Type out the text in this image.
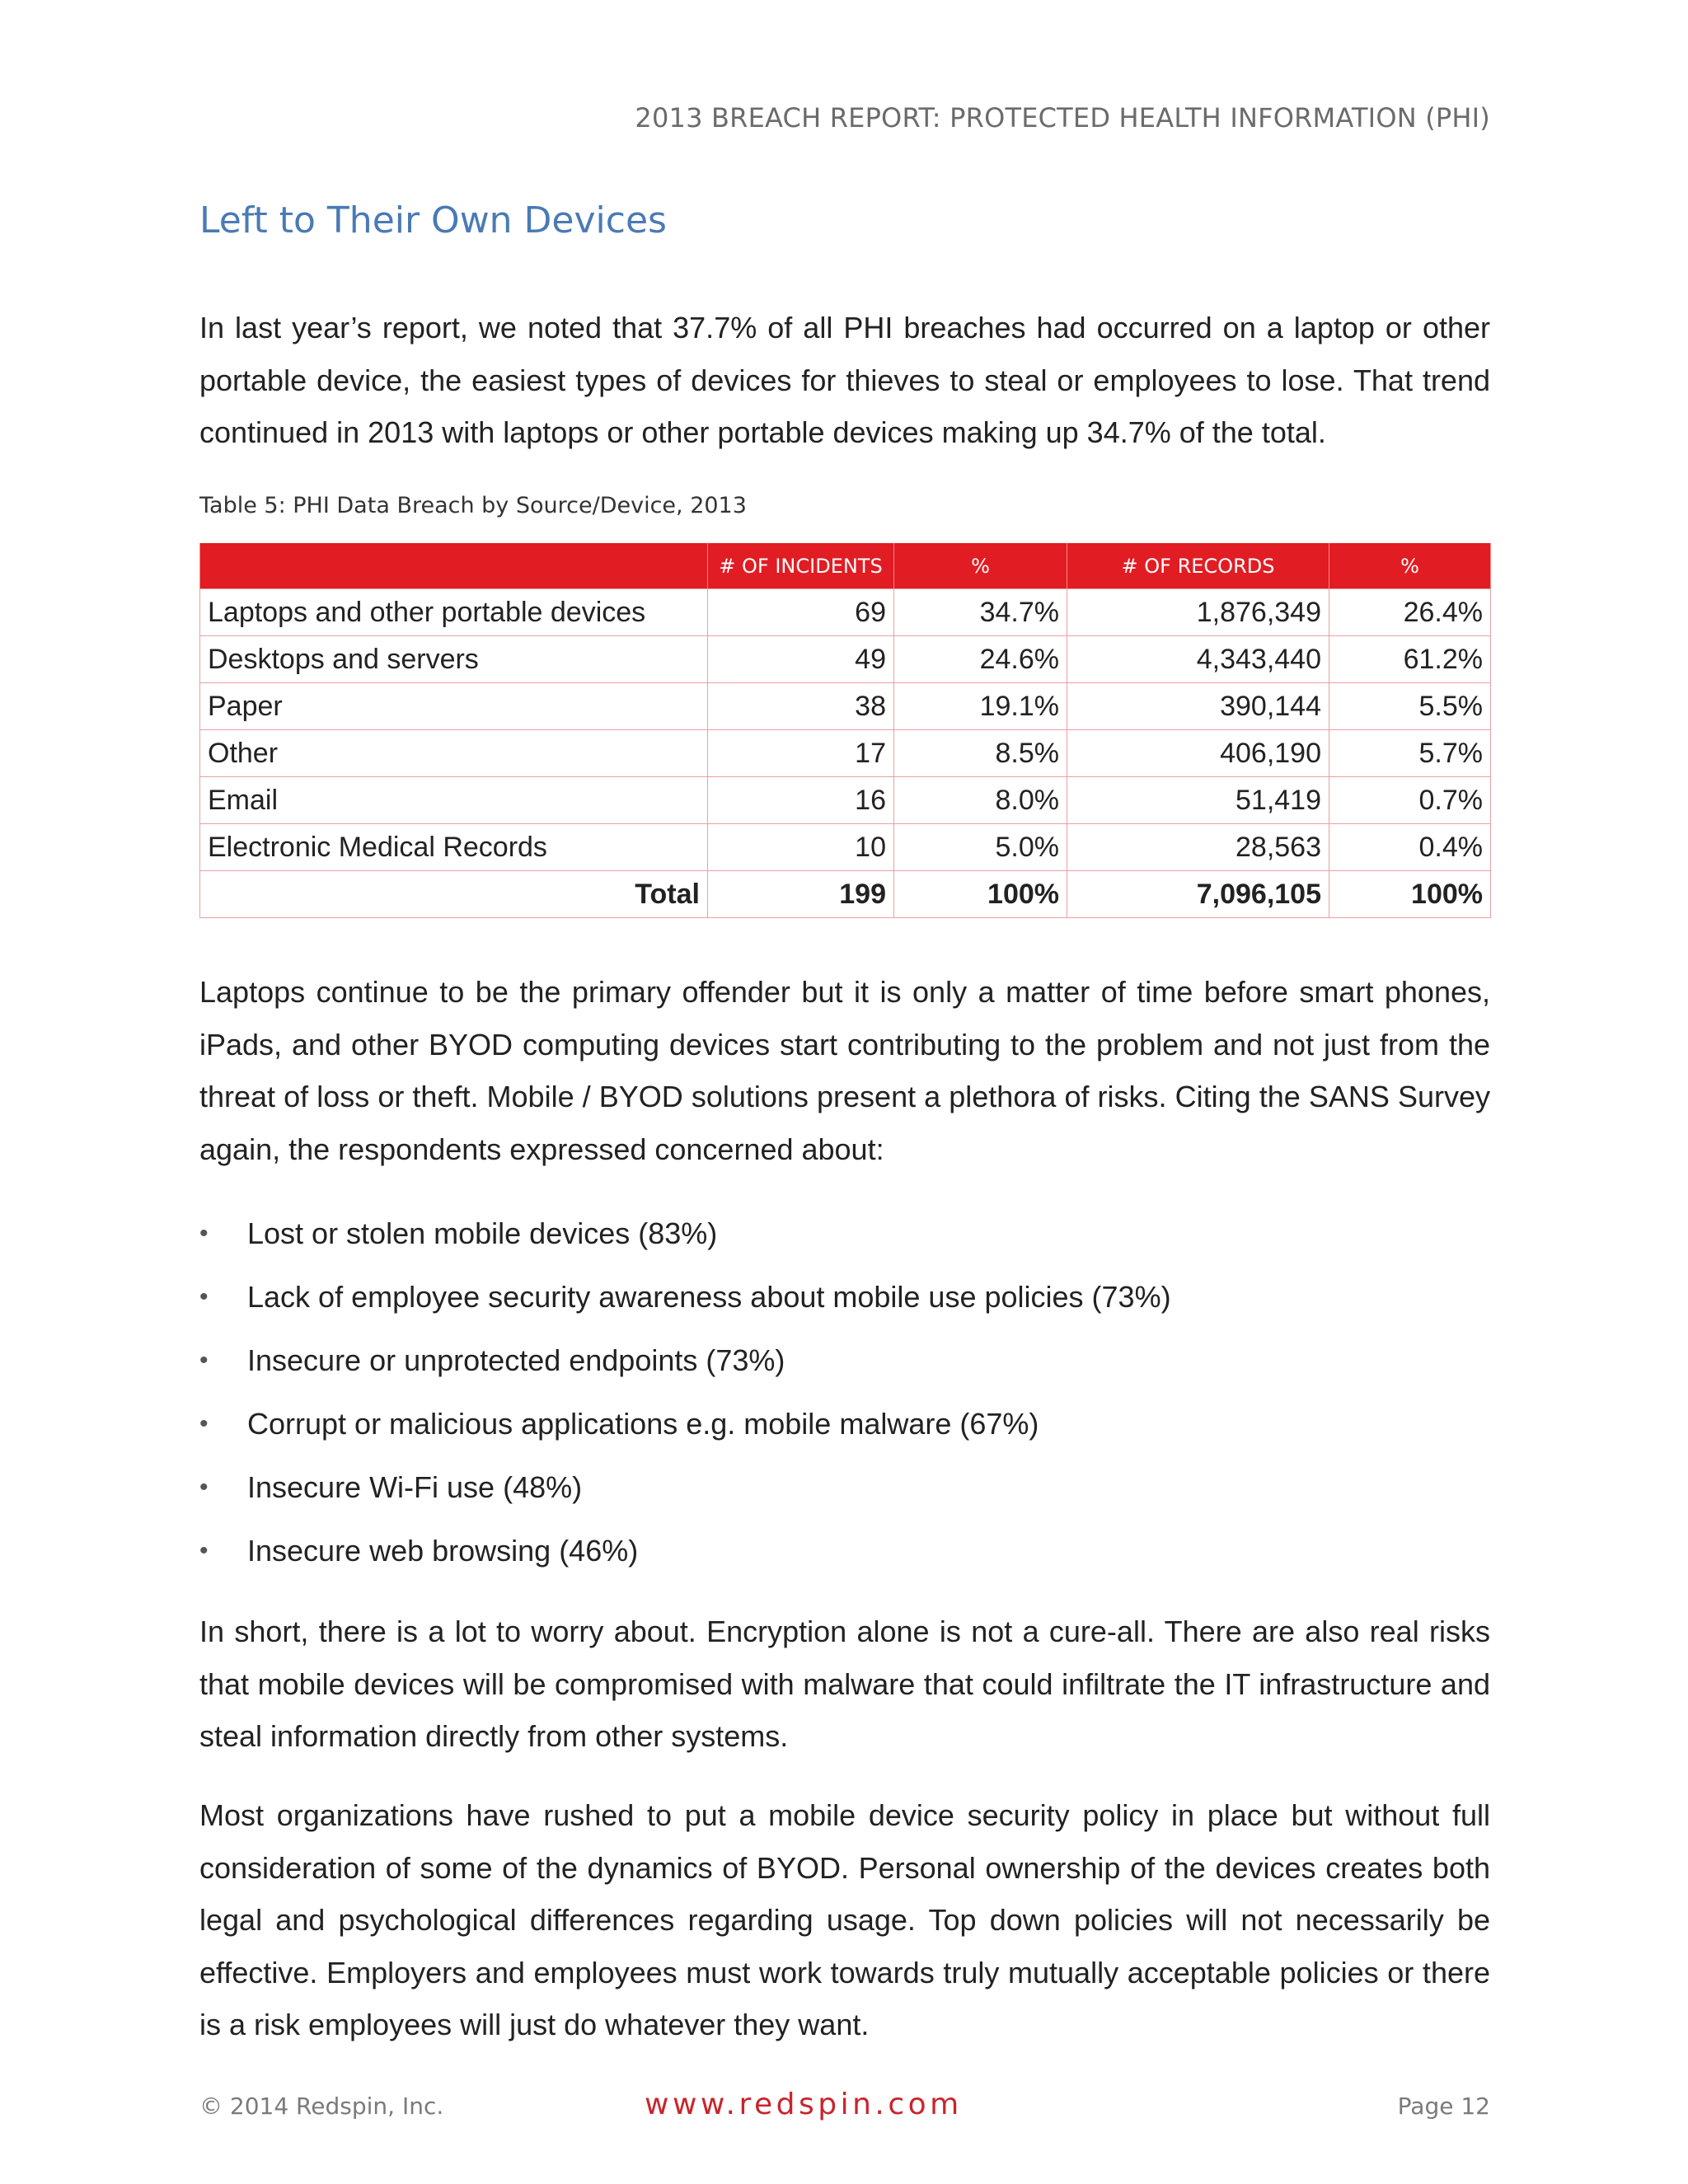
2013 BREACH REPORT: PROTECTED HEALTH INFORMATION (PHI)
Left to Their Own Devices

In last year’s report, we noted that 37.7% of all PHI breaches had occurred on a laptop or other portable device, the easiest types of devices for thieves to steal or employees to lose. That trend continued in 2013 with laptops or other portable devices making up 34.7% of the total.

Table 5: PHI Data Breach by Source/Device, 2013
	# OF INCIDENTS	%	# OF RECORDS	%
Laptops and other portable devices	69	34.7%	1,876,349	26.4%
Desktops and servers	49	24.6%	4,343,440	61.2%
Paper	38	19.1%	390,144	5.5%
Other	17	8.5%	406,190	5.7%
Email	16	8.0%	51,419	0.7%
Electronic Medical Records	10	5.0%	28,563	0.4%
Total	199	100%	7,096,105	100%

Laptops continue to be the primary offender but it is only a matter of time before smart phones, iPads, and other BYOD computing devices start contributing to the problem and not just from the threat of loss or theft. Mobile / BYOD solutions present a plethora of risks. Citing the SANS Survey again, the respondents expressed concerned about:

• Lost or stolen mobile devices (83%)
• Lack of employee security awareness about mobile use policies (73%)
• Insecure or unprotected endpoints (73%)
• Corrupt or malicious applications e.g. mobile malware (67%)
• Insecure Wi-Fi use (48%)
• Insecure web browsing (46%)

In short, there is a lot to worry about. Encryption alone is not a cure-all. There are also real risks that mobile devices will be compromised with malware that could infiltrate the IT infrastructure and steal information directly from other systems.

Most organizations have rushed to put a mobile device security policy in place but without full consideration of some of the dynamics of BYOD. Personal ownership of the devices creates both legal and psychological differences regarding usage. Top down policies will not necessarily be effective. Employers and employees must work towards truly mutually acceptable policies or there is a risk employees will just do whatever they want.

© 2014 Redspin, Inc.	www.redspin.com	Page 12
